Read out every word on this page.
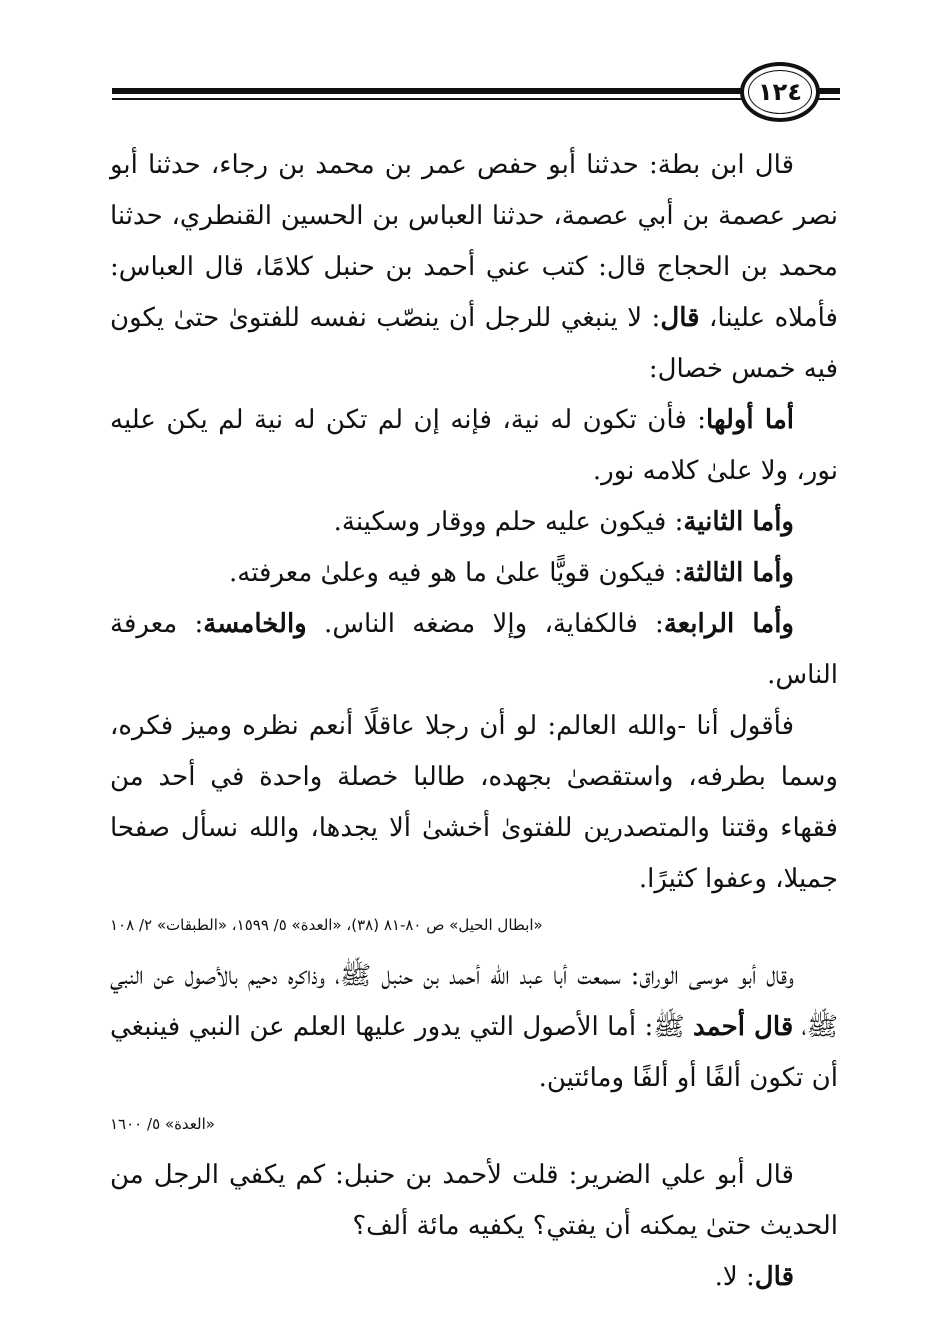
١٢٤

قال ابن بطة: حدثنا أبو حفص عمر بن محمد بن رجاء، حدثنا أبو نصر عصمة بن أبي عصمة، حدثنا العباس بن الحسين القنطري، حدثنا محمد بن الحجاج قال: كتب عني أحمد بن حنبل كلامًا، قال العباس: فأملاه علينا، قال: لا ينبغي للرجل أن ينصّب نفسه للفتوىٰ حتىٰ يكون فيه خمس خصال:

أما أولها: فأن تكون له نية، فإنه إن لم تكن له نية لم يكن عليه نور، ولا علىٰ كلامه نور.

وأما الثانية: فيكون عليه حلم ووقار وسكينة.

وأما الثالثة: فيكون قويًّا علىٰ ما هو فيه وعلىٰ معرفته.

وأما الرابعة: فالكفاية، وإلا مضغه الناس. والخامسة: معرفة الناس.

فأقول أنا -والله العالم: لو أن رجلا عاقلًا أنعم نظره وميز فكره، وسما بطرفه، واستقصىٰ بجهده، طالبا خصلة واحدة في أحد من فقهاء وقتنا والمتصدرين للفتوىٰ أخشىٰ ألا يجدها، والله نسأل صفحا جميلا، وعفوا كثيرًا.

«ابطال الحيل» ص ٨٠-٨١ (٣٨)، «العدة» ٥/ ١٥٩٩، «الطبقات» ٢/ ١٠٨

وقال أبو موسى الوراق: سمعت أبا عبد الله أحمد بن حنبل ﷺ، وذاكره دحيم بالأصول عن النبي ﷺ، قال أحمد ﷺ: أما الأصول التي يدور عليها العلم عن النبي فينبغي أن تكون ألفًا أو ألفًا ومائتين.

«العدة» ٥/ ١٦٠٠

قال أبو علي الضرير: قلت لأحمد بن حنبل: كم يكفي الرجل من الحديث حتىٰ يمكنه أن يفتي؟ يكفيه مائة ألف؟

قال: لا.
